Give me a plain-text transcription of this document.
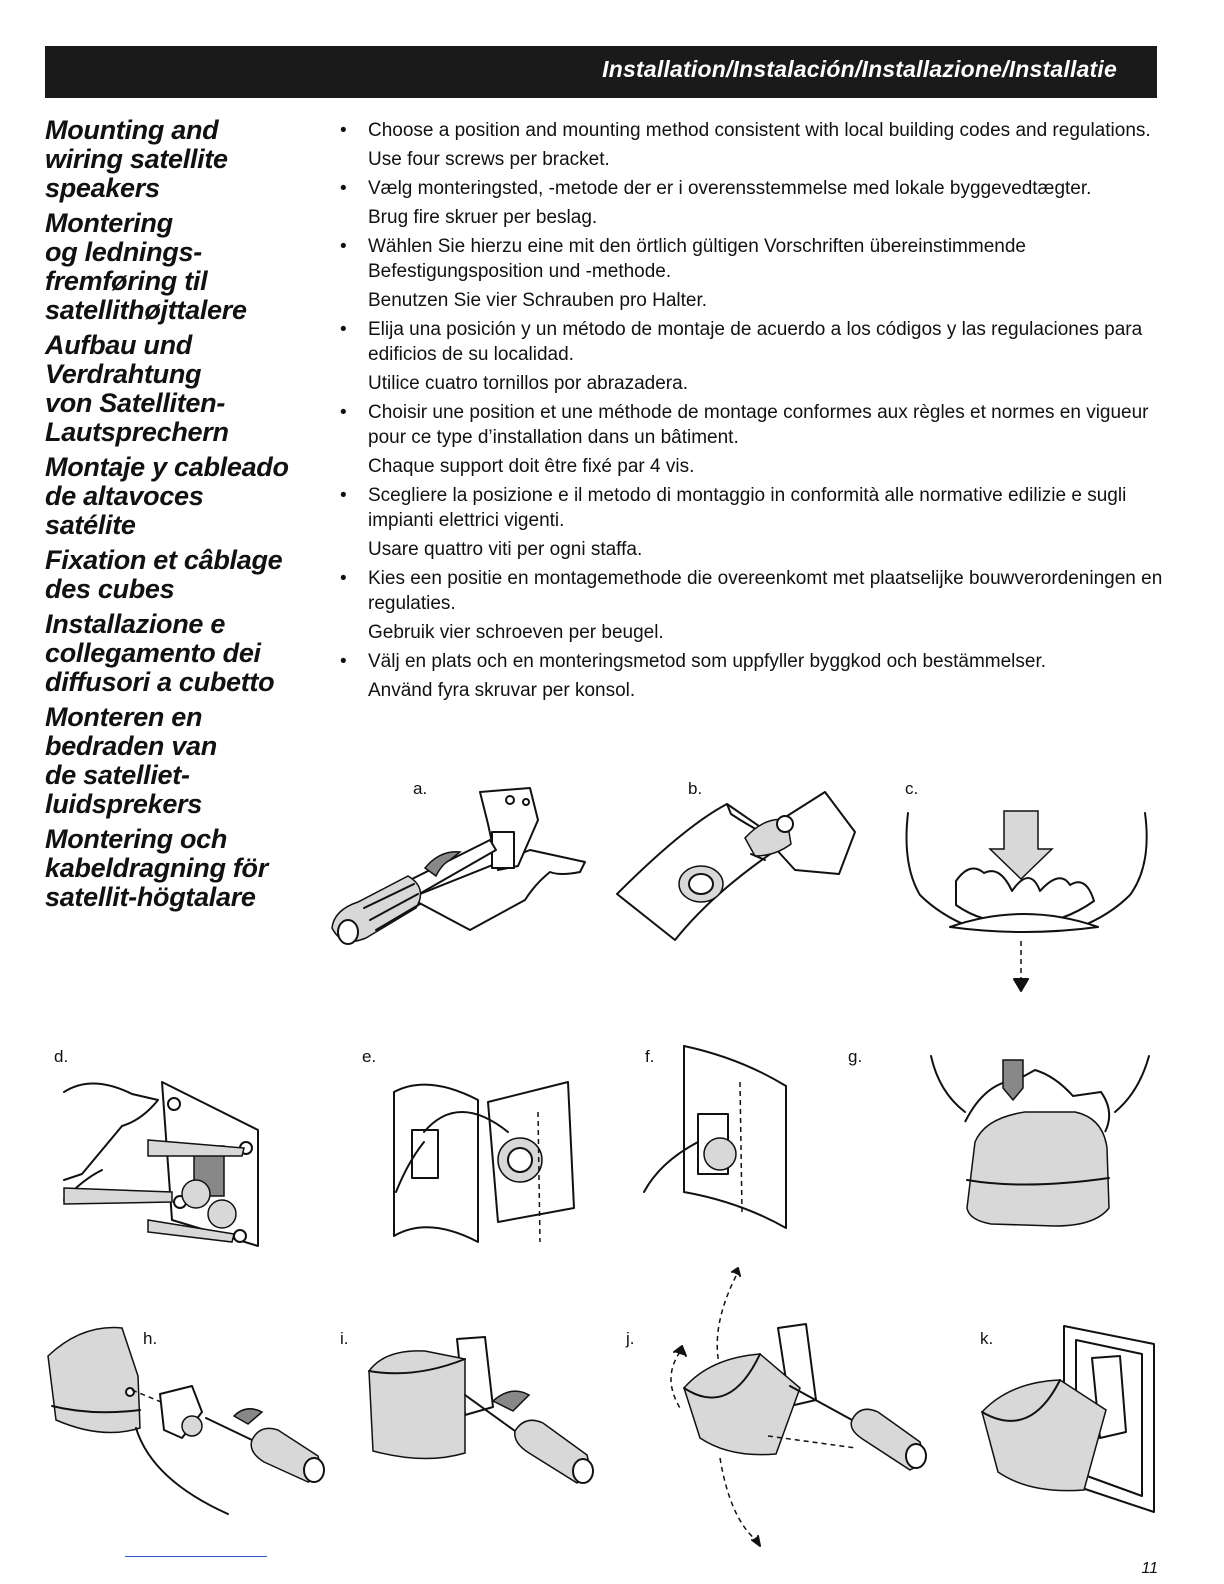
Installation/Instalación/Installazione/Installatie
Mounting and
wiring satellite
speakers
Montering
og lednings-
fremføring til
satellithøjttalere
Aufbau und
Verdrahtung
von Satelliten-
Lautsprechern
Montaje y cableado
de altavoces
satélite
Fixation et câblage
des cubes
Installazione e
collegamento dei
diffusori a cubetto
Monteren en
bedraden van
de satelliet-
luidsprekers
Montering och
kabeldragning för
satellit-högtalare

• Choose a position and mounting method consistent with local building codes and regulations.

Use four screws per bracket.

• Vælg monteringsted, -metode der er i overensstemmelse med lokale byggevedtægter.

Brug fire skruer per beslag.

• Wählen Sie hierzu eine mit den örtlich gültigen Vorschriften übereinstimmende Befestigungsposition und -methode.

Benutzen Sie vier Schrauben pro Halter.

• Elija una posición y un método de montaje de acuerdo a los códigos y las regulaciones para edificios de su localidad.

Utilice cuatro tornillos por abrazadera.

• Choisir une position et une méthode de montage conformes aux règles et normes en vigueur pour ce type d’installation dans un bâtiment.

Chaque support doit être fixé par 4 vis.

• Scegliere la posizione e il metodo di montaggio in conformità alle normative edilizie e sugli impianti elettrici vigenti.

Usare quattro viti per ogni staffa.

• Kies een positie en montagemethode die overeenkomt met plaatselijke bouwverordeningen en regulaties.

Gebruik vier schroeven per beugel.

• Välj en plats och en monteringsmetod som uppfyller byggkod och bestämmelser.

Använd fyra skruvar per konsol.

a.	b.	c.
d.	e.	f.	g.
h.	i.	j.	k.
11
